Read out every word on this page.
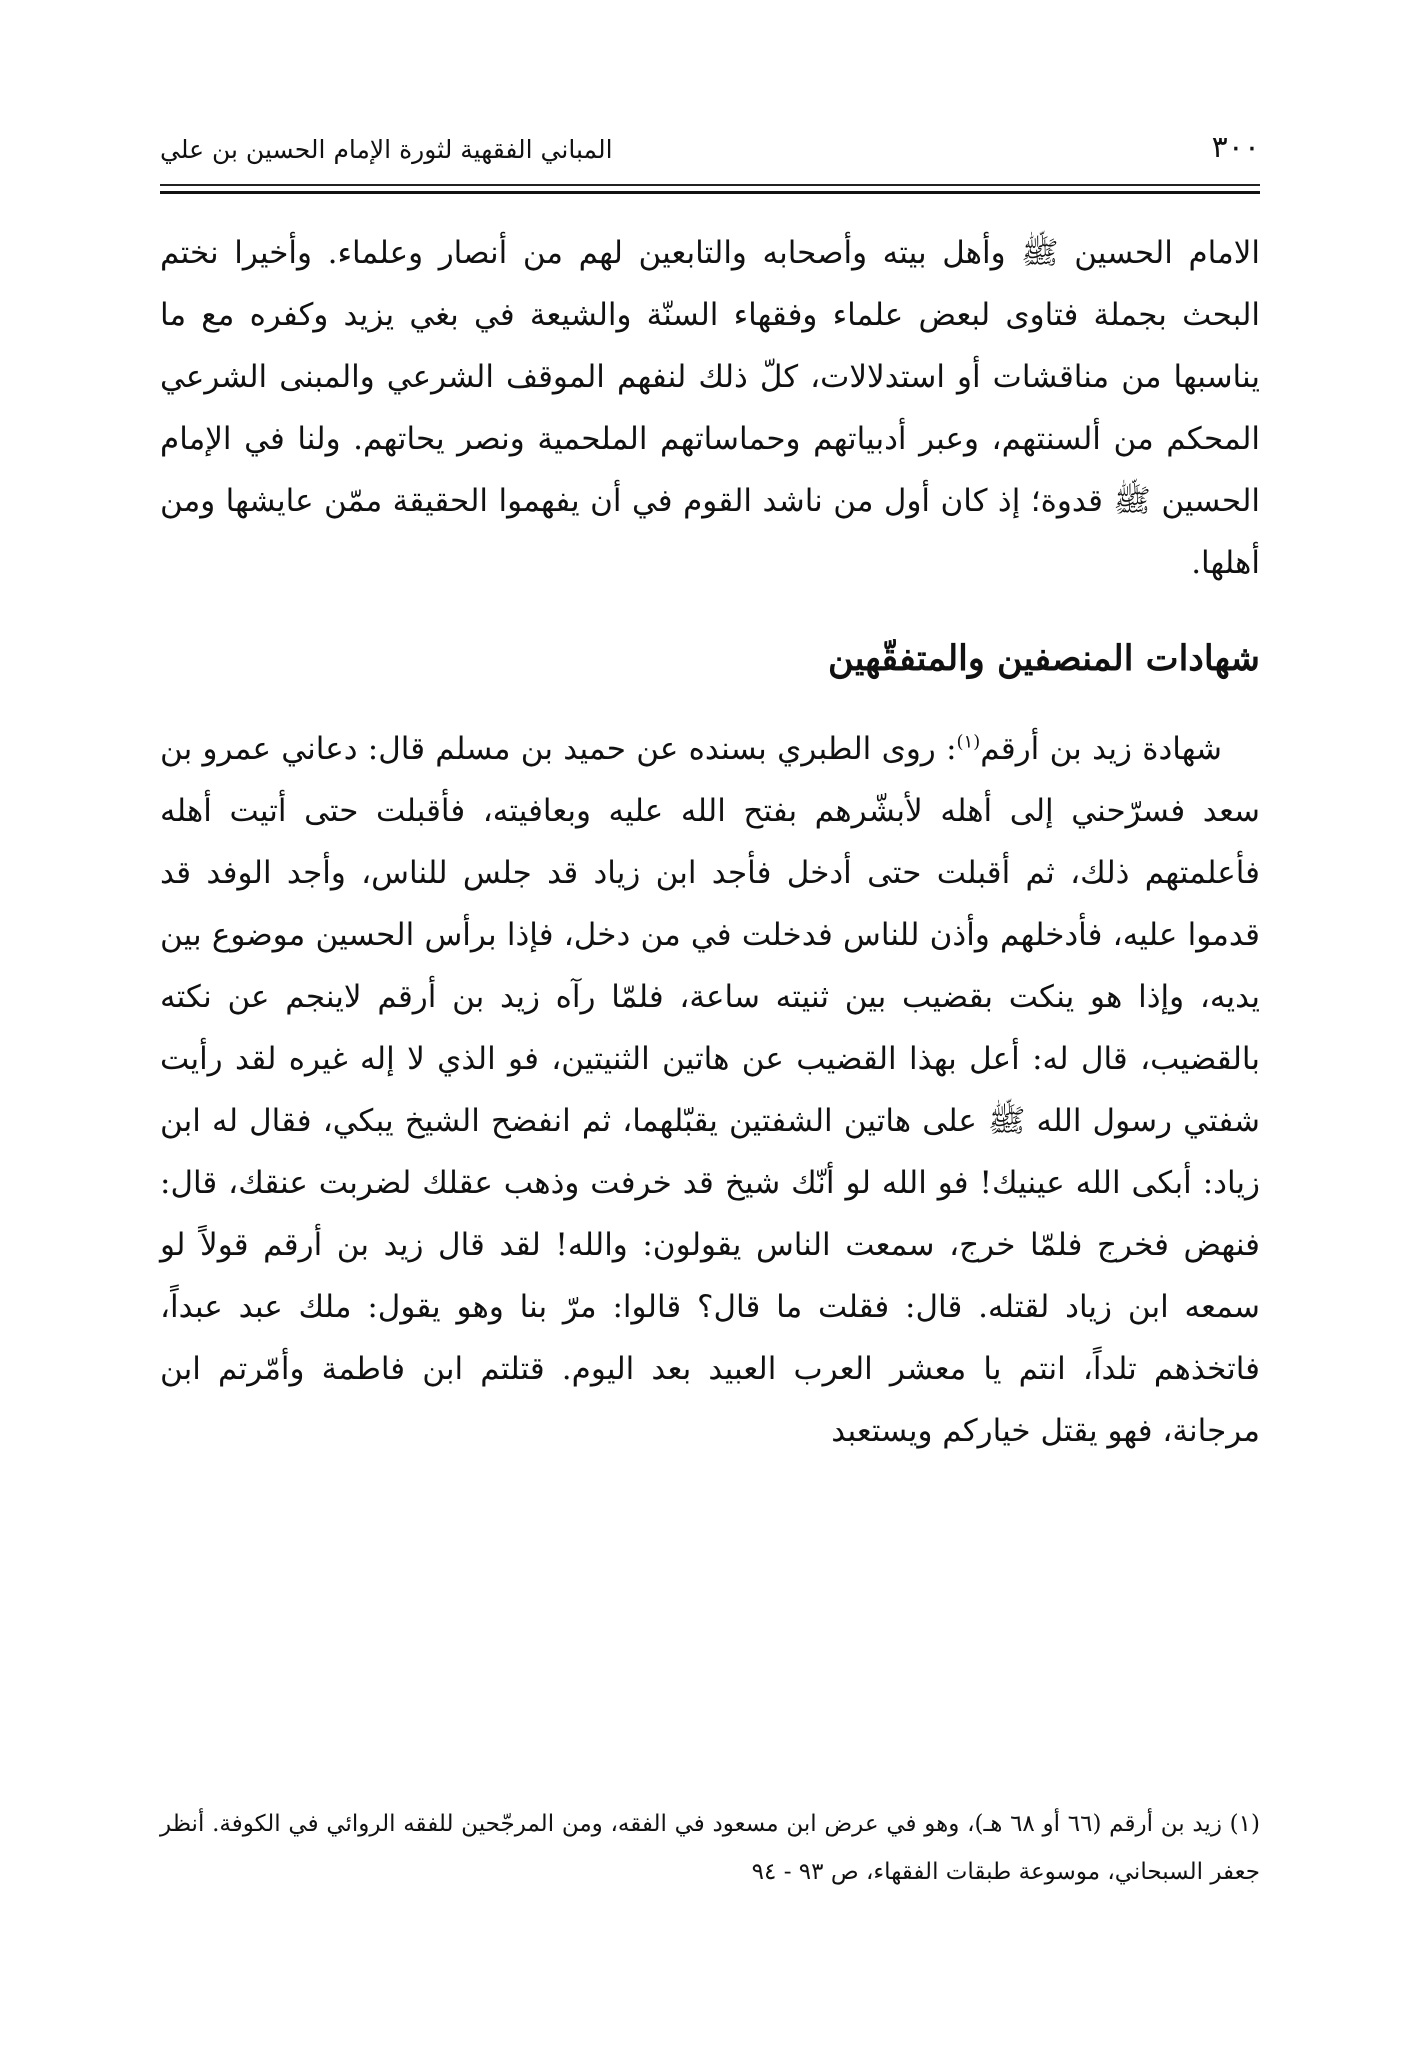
٣٠٠
المباني الفقهية لثورة الإمام الحسين بن علي

الامام الحسين ﷺ وأهل بيته وأصحابه والتابعين لهم من أنصار وعلماء. وأخيرا نختم البحث بجملة فتاوى لبعض علماء وفقهاء السنّة والشيعة في بغي يزيد وكفره مع ما يناسبها من مناقشات أو استدلالات، كلّ ذلك لنفهم الموقف الشرعي والمبنى الشرعي المحكم من ألسنتهم، وعبر أدبياتهم وحماساتهم الملحمية ونصر يحاتهم. ولنا في الإمام الحسين ﷺ قدوة؛ إذ كان أول من ناشد القوم في أن يفهموا الحقيقة ممّن عايشها ومن أهلها.

شهادات المنصفين والمتفقّهين

شهادة زيد بن أرقم$^{(١)}$: روى الطبري بسنده عن حميد بن مسلم قال: دعاني عمرو بن سعد فسرّحني إلى أهله لأبشّرهم بفتح الله عليه وبعافيته، فأقبلت حتى أتيت أهله فأعلمتهم ذلك، ثم أقبلت حتى أدخل فأجد ابن زياد قد جلس للناس، وأجد الوفد قد قدموا عليه، فأدخلهم وأذن للناس فدخلت في من دخل، فإذا برأس الحسين موضوع بين يديه، وإذا هو ينكت بقضيب بين ثنيته ساعة، فلمّا رآه زيد بن أرقم لاينجم عن نكته بالقضيب، قال له: أعل بهذا القضيب عن هاتين الثنيتين، فو الذي لا إله غيره لقد رأيت شفتي رسول الله ﷺ على هاتين الشفتين يقبّلهما، ثم انفضح الشيخ يبكي، فقال له ابن زياد: أبكى الله عينيك! فو الله لو أنّك شيخ قد خرفت وذهب عقلك لضربت عنقك، قال: فنهض فخرج فلمّا خرج، سمعت الناس يقولون: والله! لقد قال زيد بن أرقم قولاً لو سمعه ابن زياد لقتله. قال: فقلت ما قال؟ قالوا: مرّ بنا وهو يقول: ملك عبد عبداً، فاتخذهم تلداً، انتم يا معشر العرب العبيد بعد اليوم. قتلتم ابن فاطمة وأمّرتم ابن مرجانة، فهو يقتل خياركم ويستعبد

(١) زيد بن أرقم (٦٦ أو ٦٨ هـ)، وهو في عرض ابن مسعود في الفقه، ومن المرجّحين للفقه الروائي في الكوفة. أنظر جعفر السبحاني، موسوعة طبقات الفقهاء، ص ٩٣ - ٩٤
